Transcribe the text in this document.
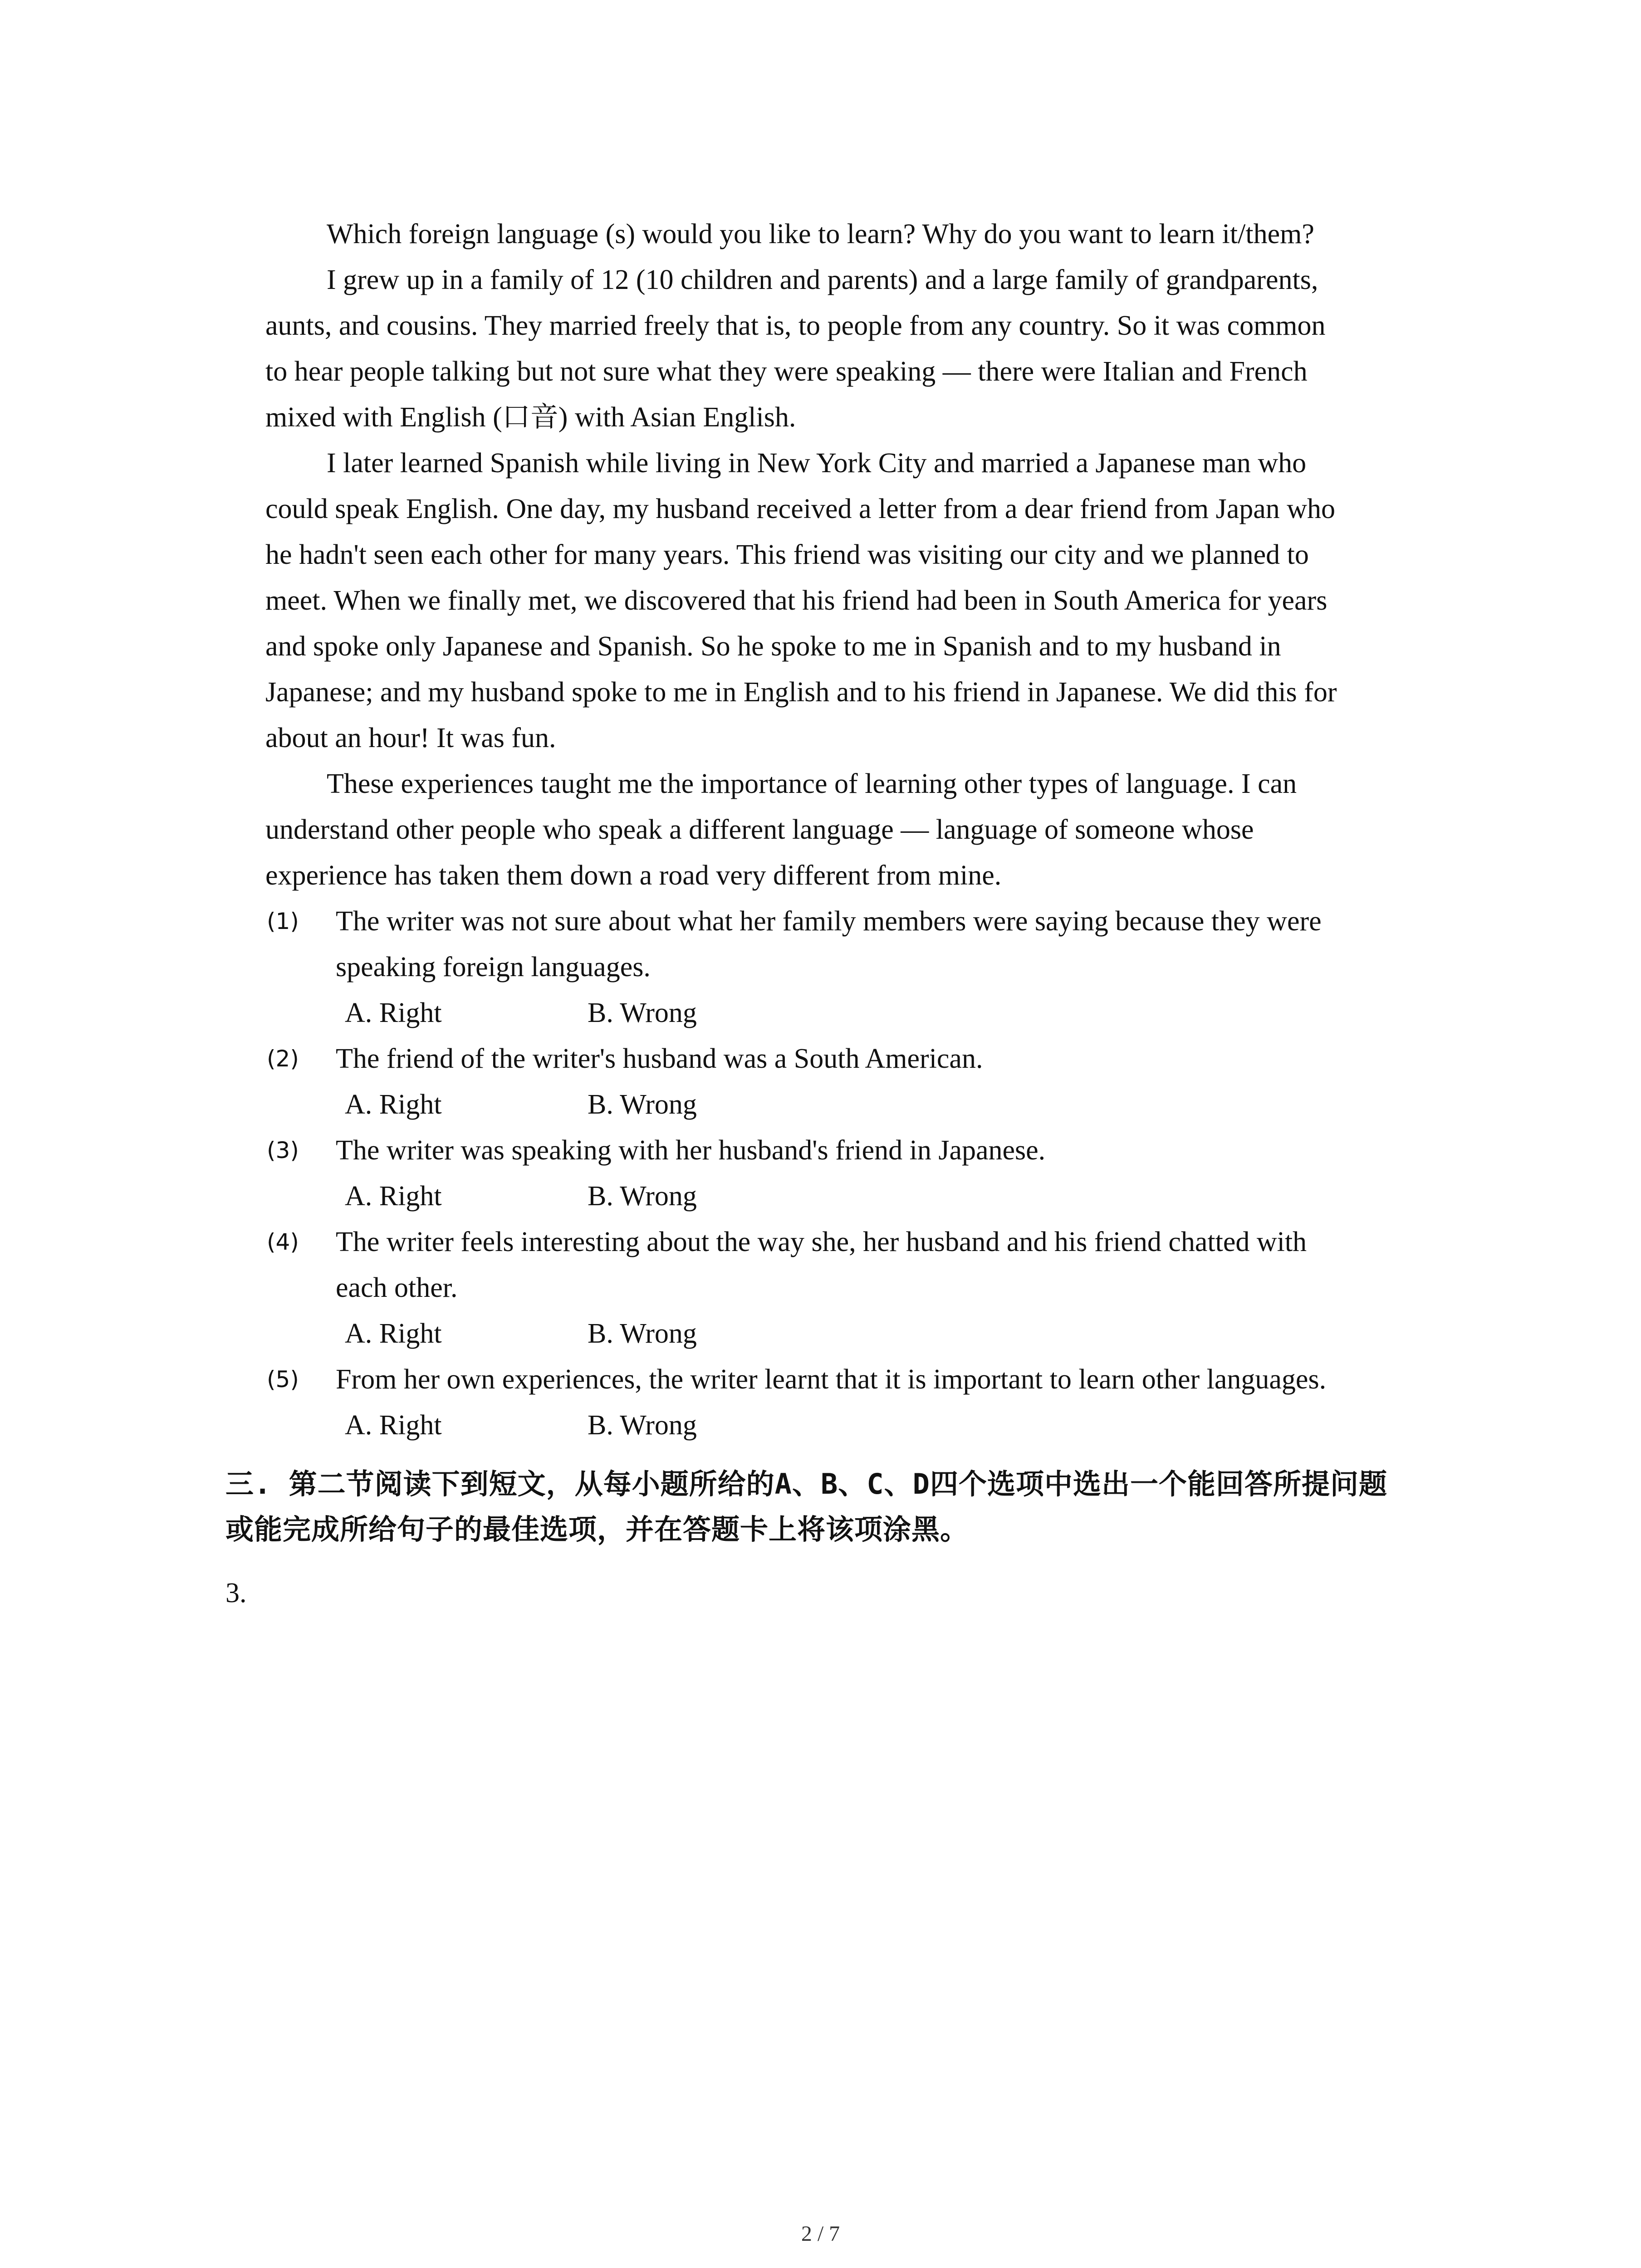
Which foreign language (s) would you like to learn? Why do you want to learn it/them?

I grew up in a family of 12 (10 children and parents) and a large family of grandparents,

aunts, and cousins. They married freely that is, to people from any country. So it was common

to hear people talking but not sure what they were speaking — there were Italian and French

mixed with English (口音) with Asian English.

I later learned Spanish while living in New York City and married a Japanese man who

could speak English. One day, my husband received a letter from a dear friend from Japan who

he hadn't seen each other for many years. This friend was visiting our city and we planned to

meet. When we finally met, we discovered that his friend had been in South America for years

and spoke only Japanese and Spanish. So he spoke to me in Spanish and to my husband in

Japanese; and my husband spoke to me in English and to his friend in Japanese. We did this for

about an hour! It was fun.

These experiences taught me the importance of learning other types of language. I can

understand other people who speak a different language — language of someone whose

experience has taken them down a road very different from mine.

(1) The writer was not sure about what her family members were saying because they were
speaking foreign languages.
A. Right	B. Wrong
(2) The friend of the writer's husband was a South American.
A. Right	B. Wrong
(3) The writer was speaking with her husband's friend in Japanese.
A. Right	B. Wrong
(4) The writer feels interesting about the way she, her husband and his friend chatted with
each other.
A. Right	B. Wrong
(5) From her own experiences, the writer learnt that it is important to learn other languages.
A. Right	B. Wrong
三. 第二节阅读下到短文，从每小题所给的A、B、C、D四个选项中选出一个能回答所提问题
或能完成所给句子的最佳选项，并在答题卡上将该项涂黑。
3.
2 / 7
